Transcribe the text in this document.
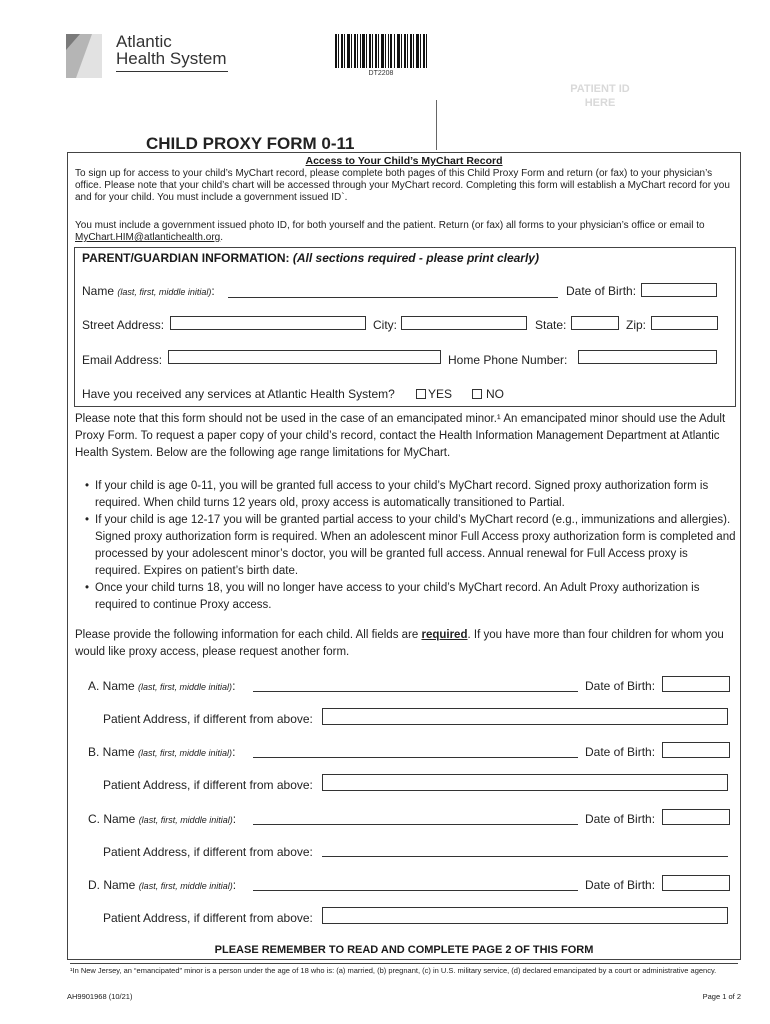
Atlantic
Health System
DT2208
PATIENT ID
HERE
CHILD PROXY FORM 0-11
Access to Your Child’s MyChart Record
To sign up for access to your child’s MyChart record, please complete both pages of this Child Proxy Form and return (or fax) to your physician’s office. Please note that your child’s chart will be accessed through your MyChart record. Completing this form will establish a MyChart record for you and for your child. You must include a government issued ID`.
You must include a government issued photo ID, for both yourself and the patient. Return (or fax) all forms to your physician’s office or email to MyChart.HIM@atlantichealth.org.
PARENT/GUARDIAN INFORMATION: (All sections required - please print clearly)
Name (last, first, middle initial):	Date of Birth:
Street Address:	City:	State:	Zip:
Email Address:	Home Phone Number:
Have you received any services at Atlantic Health System?	YES	NO
Please note that this form should not be used in the case of an emancipated minor.¹ An emancipated minor should use the Adult Proxy Form. To request a paper copy of your child’s record, contact the Health Information Management Department at Atlantic Health System. Below are the following age range limitations for MyChart.
• If your child is age 0-11, you will be granted full access to your child’s MyChart record. Signed proxy authorization form is required. When child turns 12 years old, proxy access is automatically transitioned to Partial.
• If your child is age 12-17 you will be granted partial access to your child’s MyChart record (e.g., immunizations and allergies). Signed proxy authorization form is required. When an adolescent minor Full Access proxy authorization form is completed and processed by your adolescent minor’s doctor, you will be granted full access. Annual renewal for Full Access proxy is required. Expires on patient’s birth date.
• Once your child turns 18, you will no longer have access to your child’s MyChart record. An Adult Proxy authorization is required to continue Proxy access.
Please provide the following information for each child. All fields are required. If you have more than four children for whom you would like proxy access, please request another form.
A. Name (last, first, middle initial):	Date of Birth:
Patient Address, if different from above:
B. Name (last, first, middle initial):	Date of Birth:
Patient Address, if different from above:
C. Name (last, first, middle initial):	Date of Birth:
Patient Address, if different from above:
D. Name (last, first, middle initial):	Date of Birth:
Patient Address, if different from above:
PLEASE REMEMBER TO READ AND COMPLETE PAGE 2 OF THIS FORM
¹In New Jersey, an “emancipated” minor is a person under the age of 18 who is: (a) married, (b) pregnant, (c) in U.S. military service, (d) declared emancipated by a court or administrative agency.
AH9901968 (10/21)	Page 1 of 2
